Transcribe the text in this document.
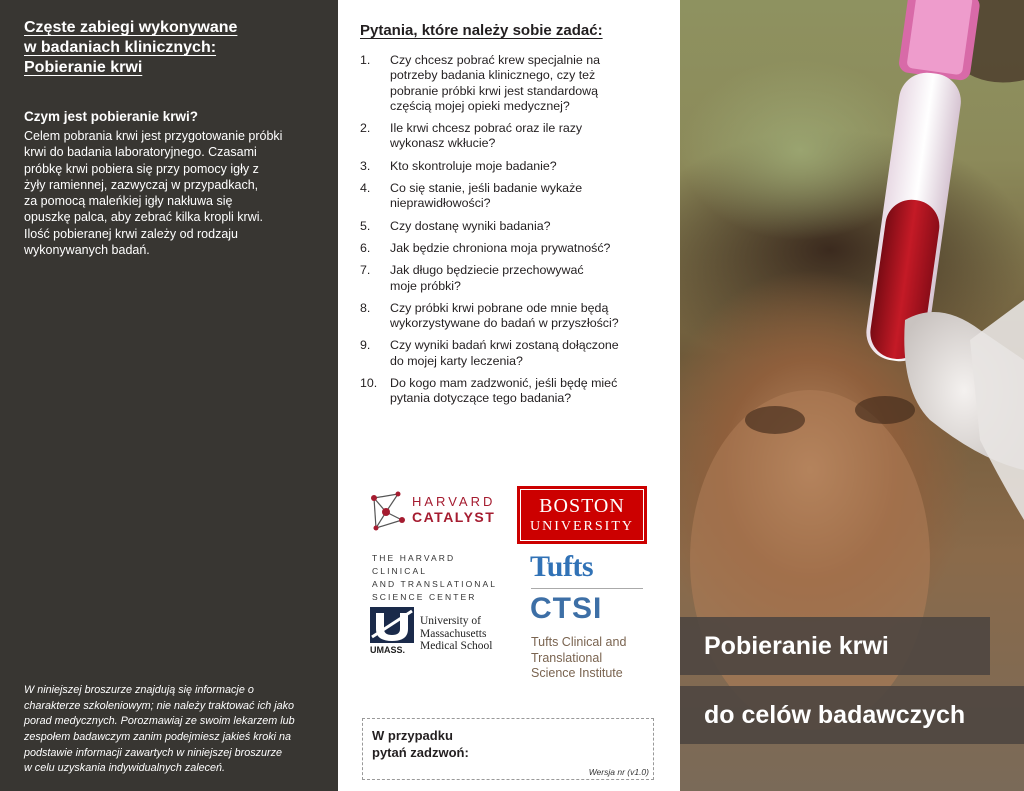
Częste zabiegi wykonywane
w badaniach klinicznych:
Pobieranie krwi
Czym jest pobieranie krwi?

Celem pobrania krwi jest przygotowanie próbki
krwi do badania laboratoryjnego. Czasami
próbkę krwi pobiera się przy pomocy igły z
żyły ramiennej, zazwyczaj w przypadkach,
za pomocą maleńkiej igły nakłuwa się
opuszkę palca, aby zebrać kilka kropli krwi.
Ilość pobieranej krwi zależy od rodzaju
wykonywanych badań.

W niniejszej broszurze znajdują się informacje o
charakterze szkoleniowym; nie należy traktować ich jako
porad medycznych. Porozmawiaj ze swoim lekarzem lub
zespołem badawczym zanim podejmiesz jakieś kroki na
podstawie informacji zawartych w niniejszej broszurze
w celu uzyskania indywidualnych zaleceń.

Pytania, które należy sobie zadać:
1.	Czy chcesz pobrać krew specjalnie na
potrzeby badania klinicznego, czy też
pobranie próbki krwi jest standardową
częścią mojej opieki medycznej?
2.	Ile krwi chcesz pobrać oraz ile razy
wykonasz wkłucie?
3.	Kto skontroluje moje badanie?
4.	Co się stanie, jeśli badanie wykaże
nieprawidłowości?
5.	Czy dostanę wyniki badania?
6.	Jak będzie chroniona moja prywatność?
7.	Jak długo będziecie przechowywać
moje próbki?
8.	Czy próbki krwi pobrane ode mnie będą
wykorzystywane do badań w przyszłości?
9.	Czy wyniki badań krwi zostaną dołączone
do mojej karty leczenia?
10.	Do kogo mam zadzwonić, jeśli będę mieć
pytania dotyczące tego badania?
HARVARD
CATALYST
THE HARVARD CLINICAL
AND TRANSLATIONAL
SCIENCE CENTER
BOSTON
UNIVERSITY
Tufts
University of
Massachusetts
Medical School
UMASS.
CTSI
Tufts Clinical and
Translational
Science Institute
W przypadku
pytań zadzwoń:
Wersja nr (v1.0)
Pobieranie krwi
do celów badawczych
